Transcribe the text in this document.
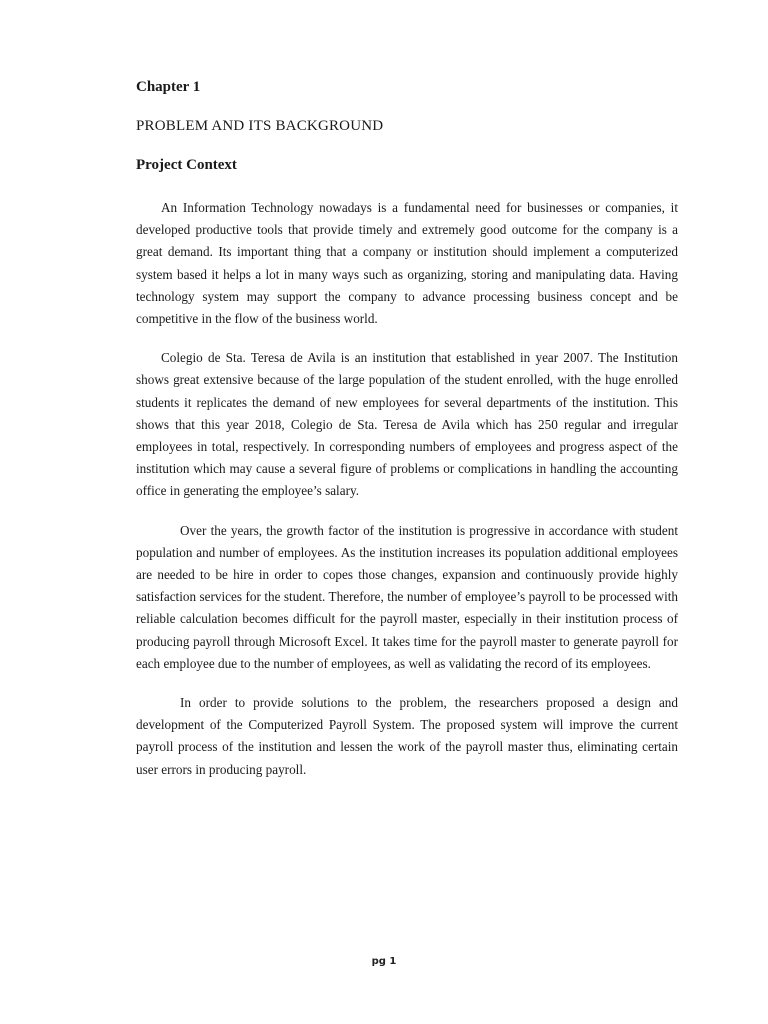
Chapter 1
PROBLEM AND ITS BACKGROUND
Project Context

An Information Technology nowadays is a fundamental need for businesses or companies, it developed productive tools that provide timely and extremely good outcome for the company is a great demand. Its important thing that a company or institution should implement a computerized system based it helps a lot in many ways such as organizing, storing and manipulating data. Having technology system may support the company to advance processing business concept and be competitive in the flow of the business world.

Colegio de Sta. Teresa de Avila is an institution that established in year 2007. The Institution shows great extensive because of the large population of the student enrolled, with the huge enrolled students it replicates the demand of new employees for several departments of the institution. This shows that this year 2018, Colegio de Sta. Teresa de Avila which has 250 regular and irregular employees in total, respectively. In corresponding numbers of employees and progress aspect of the institution which may cause a several figure of problems or complications in handling the accounting office in generating the employee’s salary.

Over the years, the growth factor of the institution is progressive in accordance with student population and number of employees. As the institution increases its population additional employees are needed to be hire in order to copes those changes, expansion and continuously provide highly satisfaction services for the student. Therefore, the number of employee’s payroll to be processed with reliable calculation becomes difficult for the payroll master, especially in their institution process of producing payroll through Microsoft Excel. It takes time for the payroll master to generate payroll for each employee due to the number of employees, as well as validating the record of its employees.

In order to provide solutions to the problem, the researchers proposed a design and development of the Computerized Payroll System. The proposed system will improve the current payroll process of the institution and lessen the work of the payroll master thus, eliminating certain user errors in producing payroll.

pg 1
